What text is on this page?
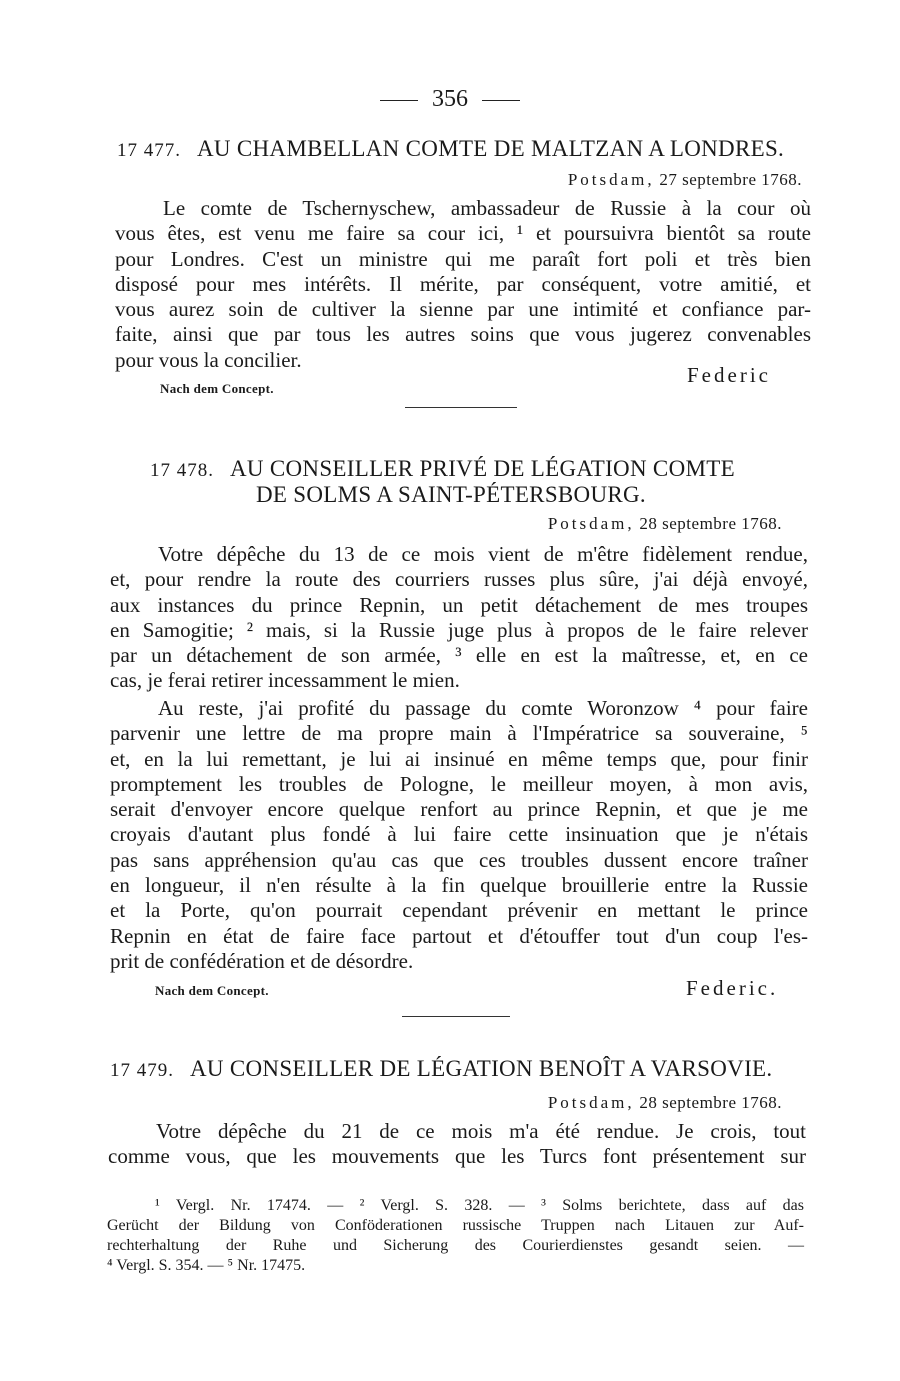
356
17 477. AU CHAMBELLAN COMTE DE MALTZAN A LONDRES.
Potsdam, 27 septembre 1768.
Le comte de Tschernyschew, ambassadeur de Russie à la cour où
vous êtes, est venu me faire sa cour ici, ¹ et poursuivra bientôt sa route
pour Londres. C'est un ministre qui me paraît fort poli et très bien
disposé pour mes intérêts. Il mérite, par conséquent, votre amitié, et
vous aurez soin de cultiver la sienne par une intimité et confiance par-
faite, ainsi que par tous les autres soins que vous jugerez convenables
pour vous la concilier.
Federic
Nach dem Concept.
17 478. AU CONSEILLER PRIVÉ DE LÉGATION COMTE
DE SOLMS A SAINT-PÉTERSBOURG.
Potsdam, 28 septembre 1768.
Votre dépêche du 13 de ce mois vient de m'être fidèlement rendue,
et, pour rendre la route des courriers russes plus sûre, j'ai déjà envoyé,
aux instances du prince Repnin, un petit détachement de mes troupes
en Samogitie; ² mais, si la Russie juge plus à propos de le faire relever
par un détachement de son armée, ³ elle en est la maîtresse, et, en ce
cas, je ferai retirer incessamment le mien.
Au reste, j'ai profité du passage du comte Woronzow ⁴ pour faire
parvenir une lettre de ma propre main à l'Impératrice sa souveraine, ⁵
et, en la lui remettant, je lui ai insinué en même temps que, pour finir
promptement les troubles de Pologne, le meilleur moyen, à mon avis,
serait d'envoyer encore quelque renfort au prince Repnin, et que je me
croyais d'autant plus fondé à lui faire cette insinuation que je n'étais
pas sans appréhension qu'au cas que ces troubles dussent encore traîner
en longueur, il n'en résulte à la fin quelque brouillerie entre la Russie
et la Porte, qu'on pourrait cependant prévenir en mettant le prince
Repnin en état de faire face partout et d'étouffer tout d'un coup l'es-
prit de confédération et de désordre.
Nach dem Concept.	Federic.
17 479. AU CONSEILLER DE LÉGATION BENOÎT A VARSOVIE.
Potsdam, 28 septembre 1768.
Votre dépêche du 21 de ce mois m'a été rendue. Je crois, tout
comme vous, que les mouvements que les Turcs font présentement sur
¹ Vergl. Nr. 17474. — ² Vergl. S. 328. — ³ Solms berichtete, dass auf das
Gerücht der Bildung von Conföderationen russische Truppen nach Litauen zur Auf-
rechterhaltung der Ruhe und Sicherung des Courierdienstes gesandt seien. —
⁴ Vergl. S. 354. — ⁵ Nr. 17475.
